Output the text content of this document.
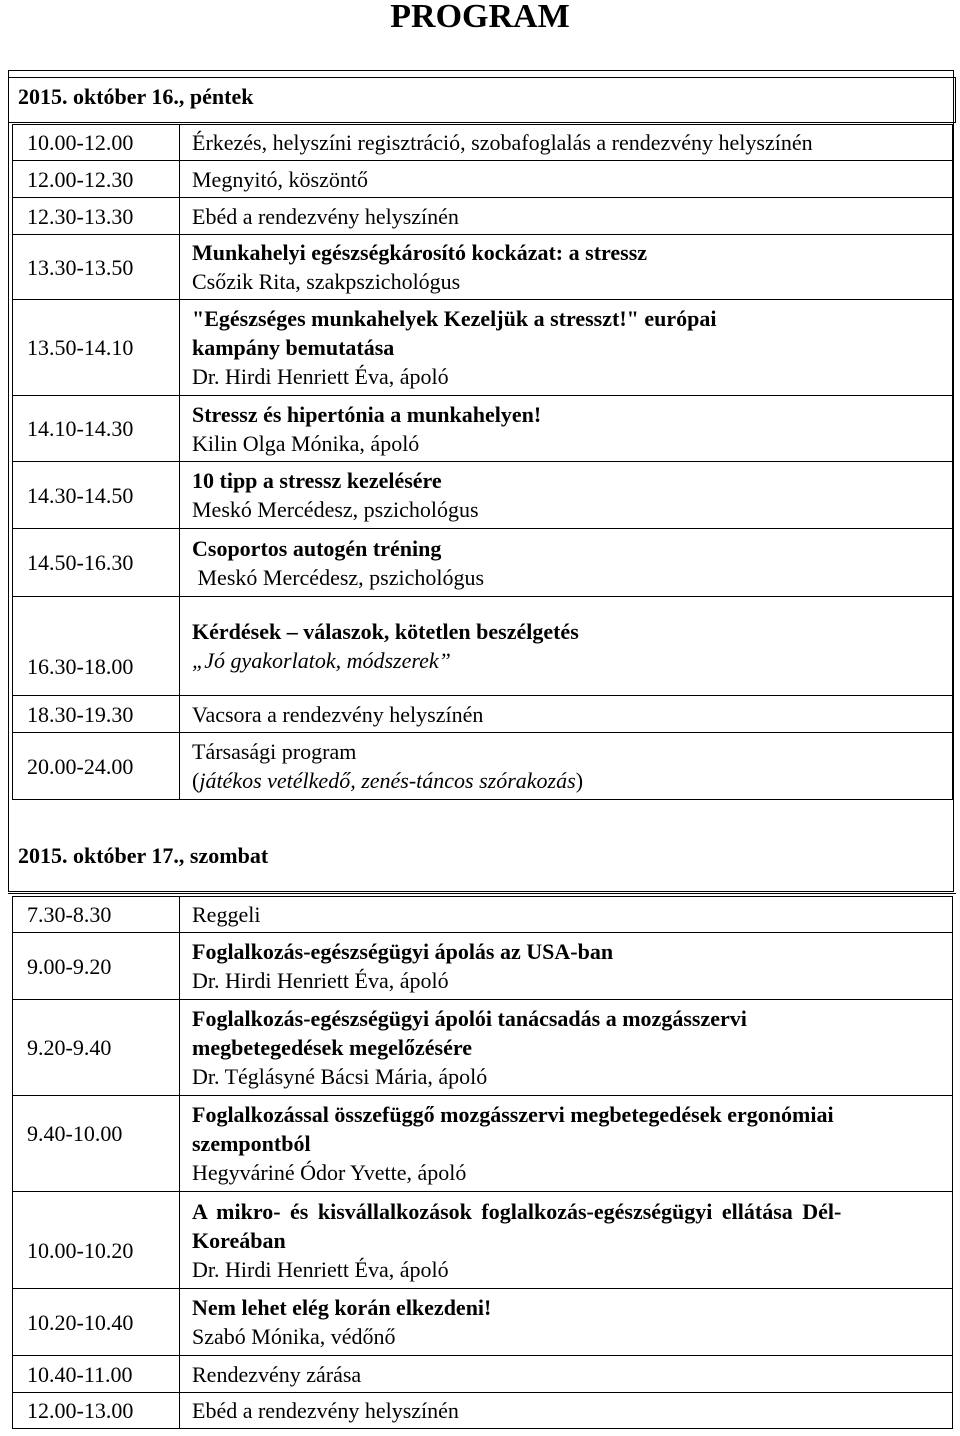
PROGRAM
2015. október 16., péntek
10.00-12.00	Érkezés, helyszíni regisztráció, szobafoglalás a rendezvény helyszínén
12.00-12.30	Megnyitó, köszöntő
12.30-13.30	Ebéd a rendezvény helyszínén
13.30-13.50	Munkahelyi egészségkárosító kockázat: a stressz
Csőzik Rita, szakpszichológus

13.50-14.10	"Egészséges munkahelyek Kezeljük a stresszt!" európai
kampány bemutatása
Dr. Hirdi Henriett Éva, ápoló

14.10-14.30	Stressz és hipertónia a munkahelyen!
Kilin Olga Mónika, ápoló

14.30-14.50	10 tipp a stressz kezelésére
Meskó Mercédesz, pszichológus

14.50-16.30	Csoportos autogén tréning
Meskó Mercédesz, pszichológus

16.30-18.00	Kérdések – válaszok, kötetlen beszélgetés
„Jó gyakorlatok, módszerek”

18.30-19.30	Vacsora a rendezvény helyszínén
20.00-24.00	Társasági program
(játékos vetélkedő, zenés-táncos szórakozás)
2015. október 17., szombat
7.30-8.30	Reggeli
9.00-9.20	Foglalkozás-egészségügyi ápolás az USA-ban
Dr. Hirdi Henriett Éva, ápoló

9.20-9.40	Foglalkozás-egészségügyi ápolói tanácsadás a mozgásszervi
megbetegedések megelőzésére
Dr. Téglásyné Bácsi Mária, ápoló

9.40-10.00	Foglalkozással összefüggő mozgásszervi megbetegedések ergonómiai
szempontból
Hegyváriné Ódor Yvette, ápoló

10.00-10.20	A mikro- és kisvállalkozások foglalkozás-egészségügyi ellátása Dél-
Koreában
Dr. Hirdi Henriett Éva, ápoló

10.20-10.40	Nem lehet elég korán elkezdeni!
Szabó Mónika, védőnő

10.40-11.00	Rendezvény zárása
12.00-13.00	Ebéd a rendezvény helyszínén
